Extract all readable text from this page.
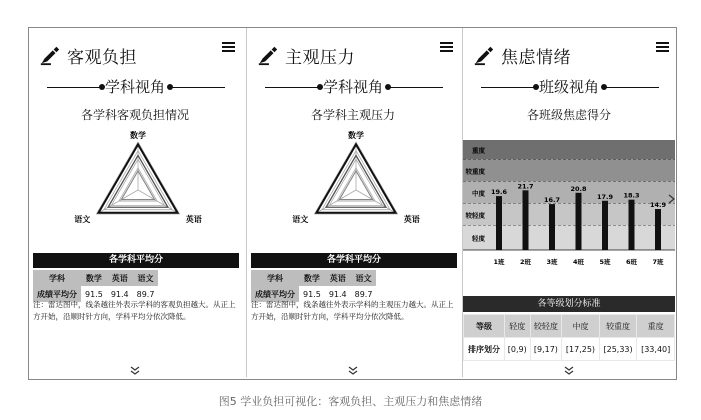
客观负担
学科视角
各学科客观负担情况
数学
英语
语文
各学科平均分
学科	数学	英语	语文
成绩平均分	91.5	91.4	89.7
注：雷达图中，线条越往外表示学科的客观负担越大。从正上方开始，沿顺时针方向，学科平均分依次降低。
主观压力
学科视角
各学科主观压力
数学
英语
语文
各学科平均分
学科	数学	英语	语文
成绩平均分	91.5	91.4	89.7
注：雷达图中，线条越往外表示学科的主观压力越大。从正上方开始，沿顺时针方向，学科平均分依次降低。
焦虑情绪
班级视角
各班级焦虑得分
重度
较重度
中度
较轻度
轻度
19.6
1班
21.7
2班
16.7
3班
20.8
4班
17.9
5班
18.3
6班
14.9
7班
各等级划分标准
等级	轻度	较轻度	中度	较重度	重度
排序划分	[0,9)	[9,17)	[17,25)	[25,33)	[33,40]
图5 学业负担可视化：客观负担、主观压力和焦虑情绪
